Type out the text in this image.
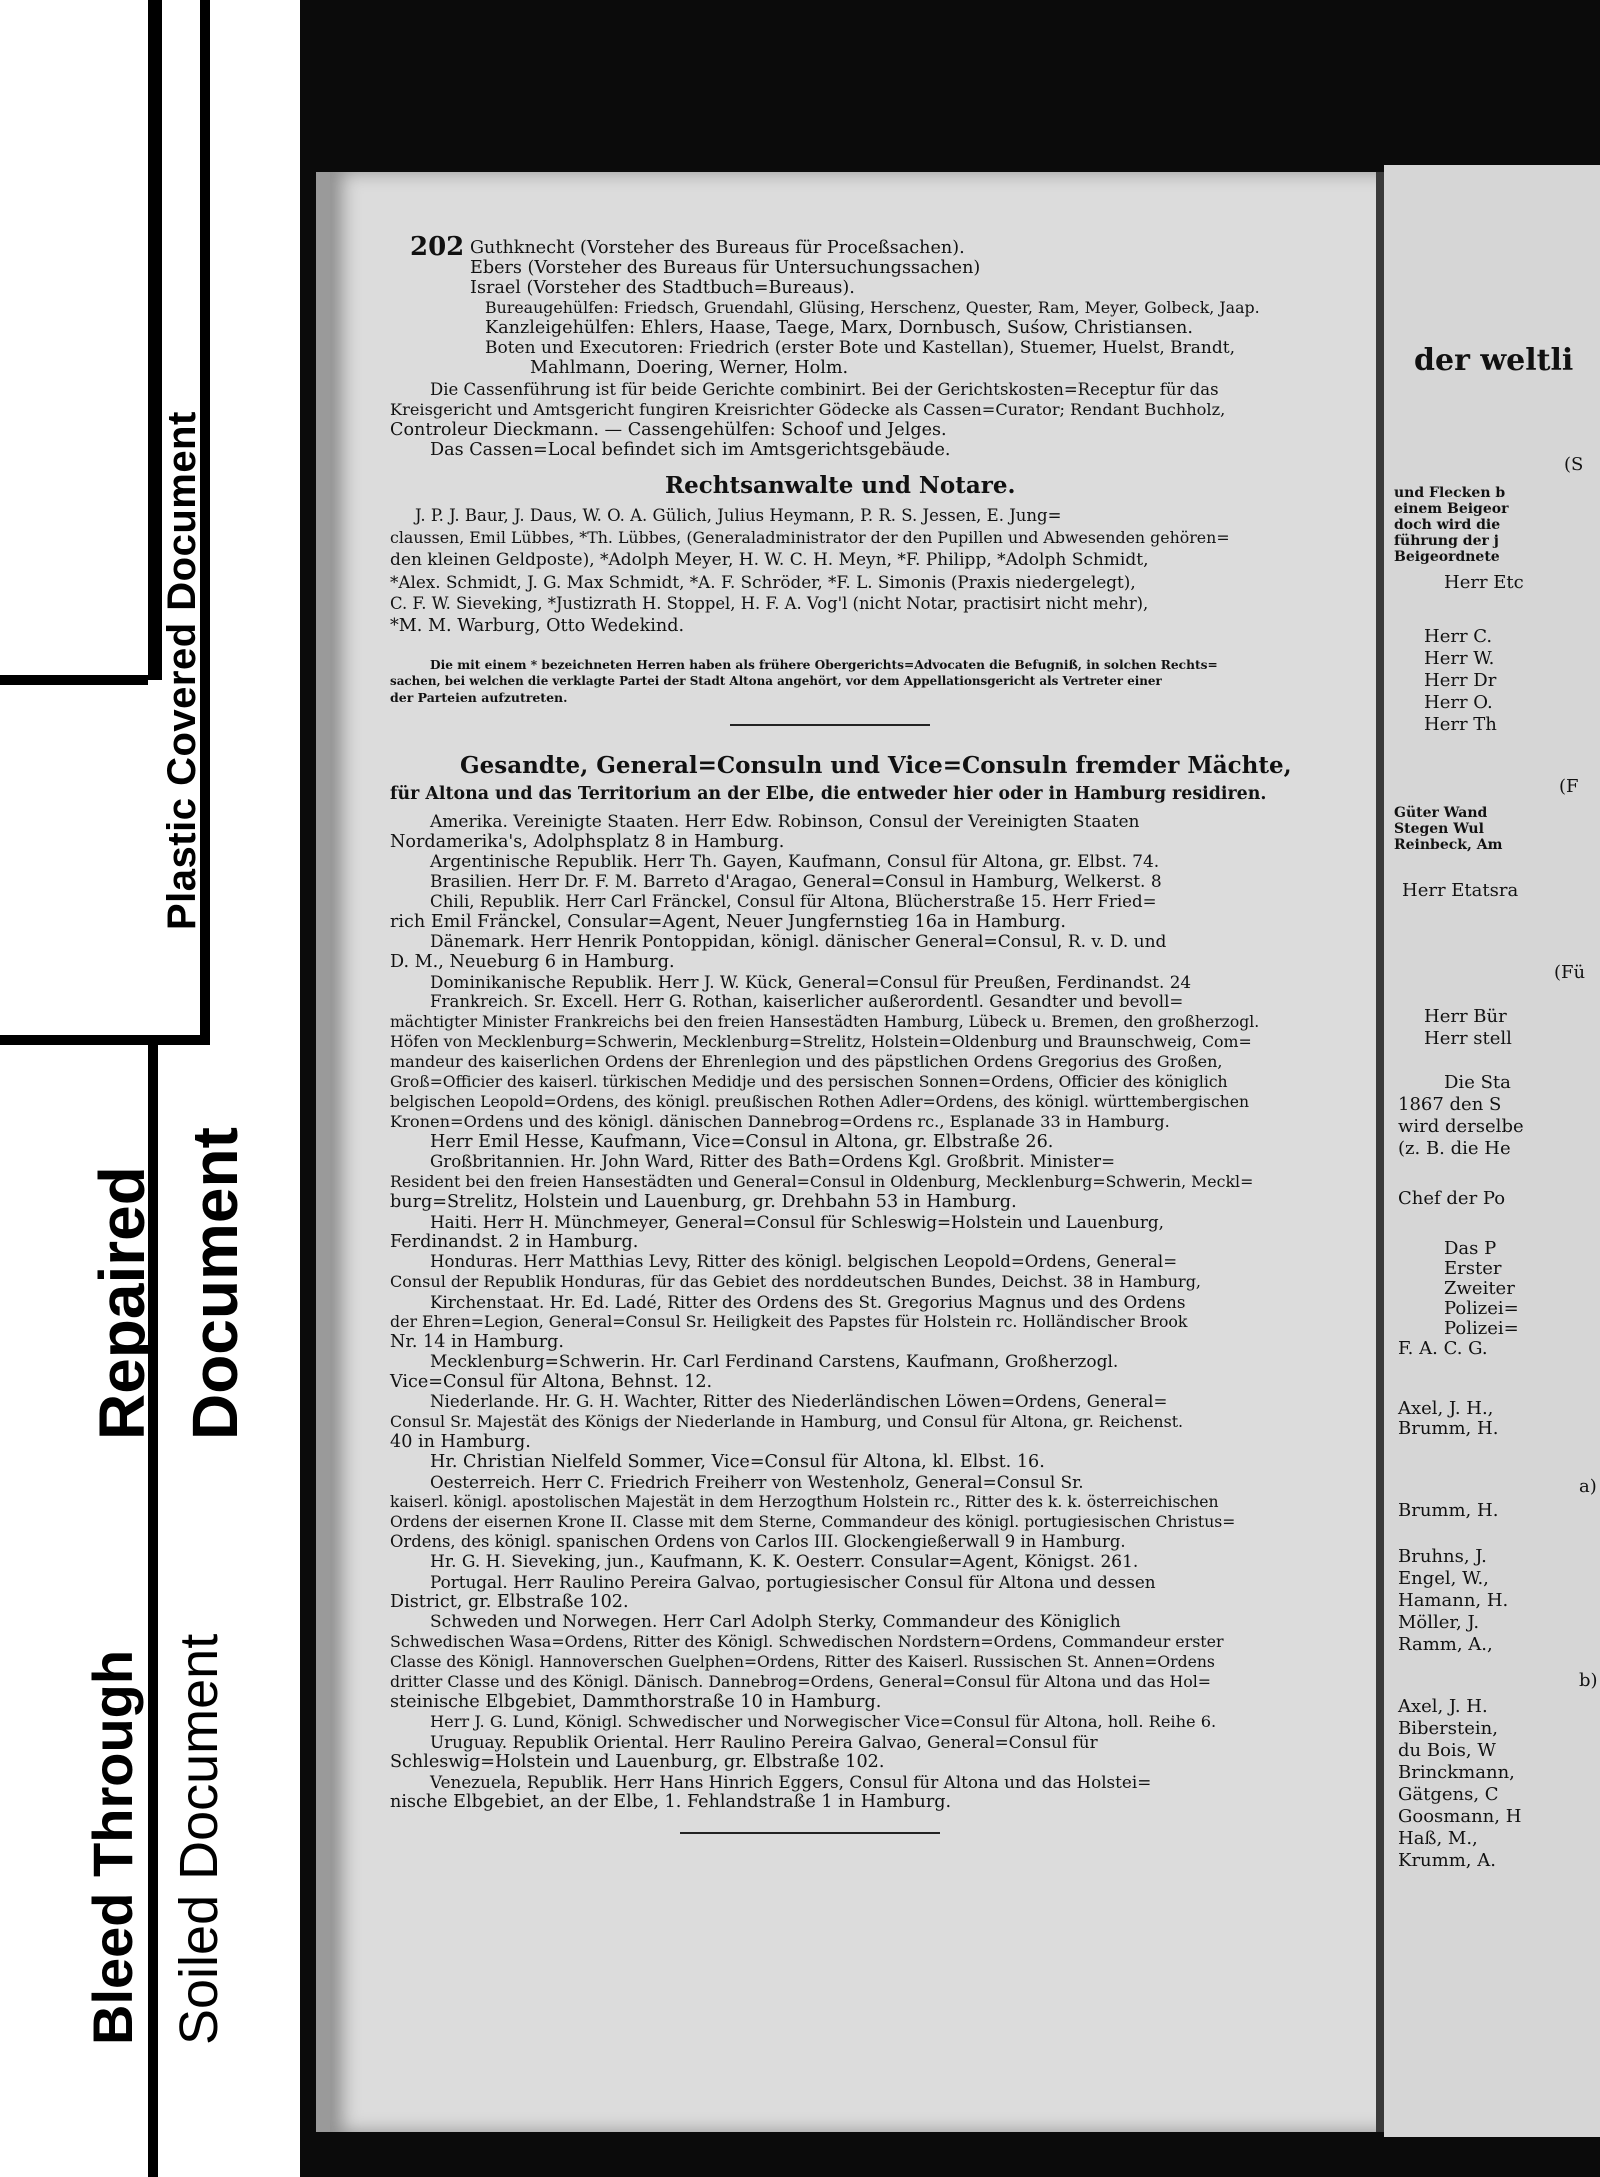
Plastic Covered Document
Repaired Document
Bleed Through Soiled Document
202 Guthknecht (Vorsteher des Bureaus für Proceßsachen).
Ebers (Vorsteher des Bureaus für Untersuchungssachen)
Israel (Vorsteher des Stadtbuch=Bureaus).
Bureaugehülfen: Friedsch, Gruendahl, Glüsing, Herschenz, Quester, Ram, Meyer, Golbeck, Jaap.
Kanzleigehülfen: Ehlers, Haase, Taege, Marx, Dornbusch, Suśow, Christiansen.
Boten und Executoren: Friedrich (erster Bote und Kastellan), Stuemer, Huelst, Brandt,
Mahlmann, Doering, Werner, Holm.
Die Cassenführung ist für beide Gerichte combinirt. Bei der Gerichtskosten=Receptur für das
Kreisgericht und Amtsgericht fungiren Kreisrichter Gödecke als Cassen=Curator; Rendant Buchholz,
Controleur Dieckmann. — Cassengehülfen: Schoof und Jelges.
Das Cassen=Local befindet sich im Amtsgerichtsgebäude.
Rechtsanwalte und Notare.
J. P. J. Baur, J. Daus, W. O. A. Gülich, Julius Heymann, P. R. S. Jessen, E. Jung=
claussen, Emil Lübbes, *Th. Lübbes, (Generaladministrator der den Pupillen und Abwesenden gehören=
den kleinen Geldposte), *Adolph Meyer, H. W. C. H. Meyn, *F. Philipp, *Adolph Schmidt,
*Alex. Schmidt, J. G. Max Schmidt, *A. F. Schröder, *F. L. Simonis (Praxis niedergelegt),
C. F. W. Sieveking, *Justizrath H. Stoppel, H. F. A. Vog'l (nicht Notar, practisirt nicht mehr),
*M. M. Warburg, Otto Wedekind.
Die mit einem * bezeichneten Herren haben als frühere Obergerichts=Advocaten die Befugniß, in solchen Rechts=
sachen, bei welchen die verklagte Partei der Stadt Altona angehört, vor dem Appellationsgericht als Vertreter einer
der Parteien aufzutreten.
Gesandte, General=Consuln und Vice=Consuln fremder Mächte,
für Altona und das Territorium an der Elbe, die entweder hier oder in Hamburg residiren.
Amerika. Vereinigte Staaten. Herr Edw. Robinson, Consul der Vereinigten Staaten
Nordamerika's, Adolphsplatz 8 in Hamburg.
Argentinische Republik. Herr Th. Gayen, Kaufmann, Consul für Altona, gr. Elbst. 74.
Brasilien. Herr Dr. F. M. Barreto d'Aragao, General=Consul in Hamburg, Welkerst. 8
Chili, Republik. Herr Carl Fränckel, Consul für Altona, Blücherstraße 15. Herr Fried=
rich Emil Fränckel, Consular=Agent, Neuer Jungfernstieg 16a in Hamburg.
Dänemark. Herr Henrik Pontoppidan, königl. dänischer General=Consul, R. v. D. und
D. M., Neueburg 6 in Hamburg.
Dominikanische Republik. Herr J. W. Kück, General=Consul für Preußen, Ferdinandst. 24
Frankreich. Sr. Excell. Herr G. Rothan, kaiserlicher außerordentl. Gesandter und bevoll=
mächtigter Minister Frankreichs bei den freien Hansestädten Hamburg, Lübeck u. Bremen, den großherzogl.
Höfen von Mecklenburg=Schwerin, Mecklenburg=Strelitz, Holstein=Oldenburg und Braunschweig, Com=
mandeur des kaiserlichen Ordens der Ehrenlegion und des päpstlichen Ordens Gregorius des Großen,
Groß=Officier des kaiserl. türkischen Medidje und des persischen Sonnen=Ordens, Officier des königlich
belgischen Leopold=Ordens, des königl. preußischen Rothen Adler=Ordens, des königl. württembergischen
Kronen=Ordens und des königl. dänischen Dannebrog=Ordens rc., Esplanade 33 in Hamburg.
Herr Emil Hesse, Kaufmann, Vice=Consul in Altona, gr. Elbstraße 26.
Großbritannien. Hr. John Ward, Ritter des Bath=Ordens Kgl. Großbrit. Minister=
Resident bei den freien Hansestädten und General=Consul in Oldenburg, Mecklenburg=Schwerin, Meckl=
burg=Strelitz, Holstein und Lauenburg, gr. Drehbahn 53 in Hamburg.
Haiti. Herr H. Münchmeyer, General=Consul für Schleswig=Holstein und Lauenburg,
Ferdinandst. 2 in Hamburg.
Honduras. Herr Matthias Levy, Ritter des königl. belgischen Leopold=Ordens, General=
Consul der Republik Honduras, für das Gebiet des norddeutschen Bundes, Deichst. 38 in Hamburg,
Kirchenstaat. Hr. Ed. Ladé, Ritter des Ordens des St. Gregorius Magnus und des Ordens
der Ehren=Legion, General=Consul Sr. Heiligkeit des Papstes für Holstein rc. Holländischer Brook
Nr. 14 in Hamburg.
Mecklenburg=Schwerin. Hr. Carl Ferdinand Carstens, Kaufmann, Großherzogl.
Vice=Consul für Altona, Behnst. 12.
Niederlande. Hr. G. H. Wachter, Ritter des Niederländischen Löwen=Ordens, General=
Consul Sr. Majestät des Königs der Niederlande in Hamburg, und Consul für Altona, gr. Reichenst.
40 in Hamburg.
Hr. Christian Nielfeld Sommer, Vice=Consul für Altona, kl. Elbst. 16.
Oesterreich. Herr C. Friedrich Freiherr von Westenholz, General=Consul Sr.
kaiserl. königl. apostolischen Majestät in dem Herzogthum Holstein rc., Ritter des k. k. österreichischen
Ordens der eisernen Krone II. Classe mit dem Sterne, Commandeur des königl. portugiesischen Christus=
Ordens, des königl. spanischen Ordens von Carlos III. Glockengießerwall 9 in Hamburg.
Hr. G. H. Sieveking, jun., Kaufmann, K. K. Oesterr. Consular=Agent, Königst. 261.
Portugal. Herr Raulino Pereira Galvao, portugiesischer Consul für Altona und dessen
District, gr. Elbstraße 102.
Schweden und Norwegen. Herr Carl Adolph Sterky, Commandeur des Königlich
Schwedischen Wasa=Ordens, Ritter des Königl. Schwedischen Nordstern=Ordens, Commandeur erster
Classe des Königl. Hannoverschen Guelphen=Ordens, Ritter des Kaiserl. Russischen St. Annen=Ordens
dritter Classe und des Königl. Dänisch. Dannebrog=Ordens, General=Consul für Altona und das Hol=
steinische Elbgebiet, Dammthorstraße 10 in Hamburg.
Herr J. G. Lund, Königl. Schwedischer und Norwegischer Vice=Consul für Altona, holl. Reihe 6.
Uruguay. Republik Oriental. Herr Raulino Pereira Galvao, General=Consul für
Schleswig=Holstein und Lauenburg, gr. Elbstraße 102.
Venezuela, Republik. Herr Hans Hinrich Eggers, Consul für Altona und das Holstei=
nische Elbgebiet, an der Elbe, 1. Fehlandstraße 1 in Hamburg.
der weltli
(S
und Flecken b
einem Beigeor
doch wird die
führung der j
Beigeordnete
Herr Etc
Herr C.
Herr W.
Herr Dr
Herr O.
Herr Th
(F
Güter Wand
Stegen Wul
Reinbeck, Am
Herr Etatsra
(Fü
Herr Bür
Herr stell
Die Sta
1867 den S
wird derselbe
(z. B. die He
Chef der Po
Das P
Erster
Zweiter
Polizei=
Polizei=
F. A. C. G.
Axel, J. H.,
Brumm, H.
a)
Brumm, H.
Bruhns, J.
Engel, W.,
Hamann, H.
Möller, J.
Ramm, A.,
b)
Axel, J. H.
Biberstein,
du Bois, W
Brinckmann,
Gätgens, C
Goosmann, H
Haß, M.,
Krumm, A.
